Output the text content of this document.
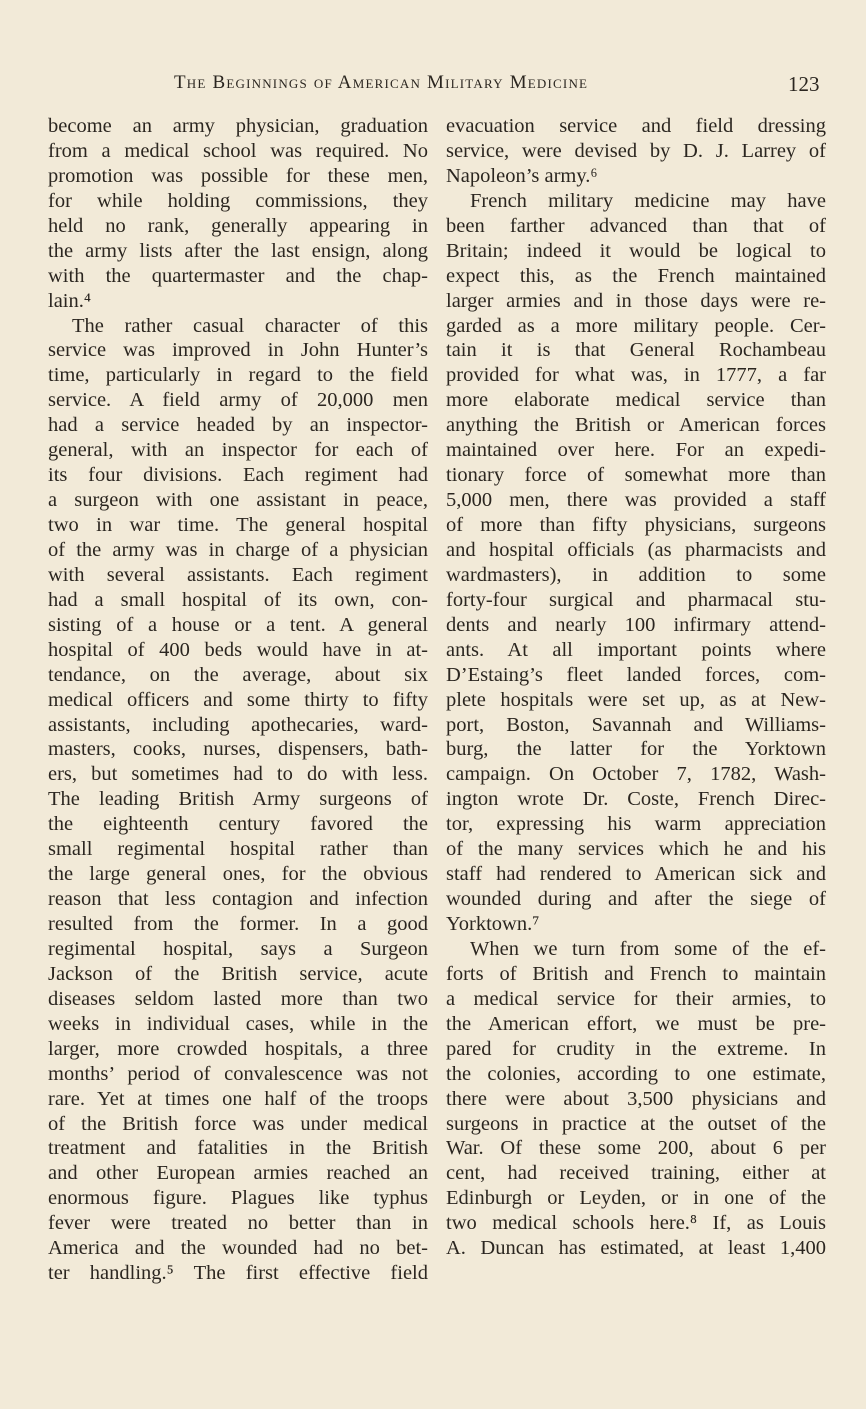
The Beginnings of American Military Medicine	123
become an army physician, graduation
from a medical school was required. No
promotion was possible for these men,
for while holding commissions, they
held no rank, generally appearing in
the army lists after the last ensign, along
with the quartermaster and the chap-
lain.⁴
The rather casual character of this
service was improved in John Hunter’s
time, particularly in regard to the field
service. A field army of 20,000 men
had a service headed by an inspector-
general, with an inspector for each of
its four divisions. Each regiment had
a surgeon with one assistant in peace,
two in war time. The general hospital
of the army was in charge of a physician
with several assistants. Each regiment
had a small hospital of its own, con-
sisting of a house or a tent. A general
hospital of 400 beds would have in at-
tendance, on the average, about six
medical officers and some thirty to fifty
assistants, including apothecaries, ward-
masters, cooks, nurses, dispensers, bath-
ers, but sometimes had to do with less.
The leading British Army surgeons of
the eighteenth century favored the
small regimental hospital rather than
the large general ones, for the obvious
reason that less contagion and infection
resulted from the former. In a good
regimental hospital, says a Surgeon
Jackson of the British service, acute
diseases seldom lasted more than two
weeks in individual cases, while in the
larger, more crowded hospitals, a three
months’ period of convalescence was not
rare. Yet at times one half of the troops
of the British force was under medical
treatment and fatalities in the British
and other European armies reached an
enormous figure. Plagues like typhus
fever were treated no better than in
America and the wounded had no bet-
ter handling.⁵ The first effective field
evacuation service and field dressing
service, were devised by D. J. Larrey of
Napoleon’s army.⁶
French military medicine may have
been farther advanced than that of
Britain; indeed it would be logical to
expect this, as the French maintained
larger armies and in those days were re-
garded as a more military people. Cer-
tain it is that General Rochambeau
provided for what was, in 1777, a far
more elaborate medical service than
anything the British or American forces
maintained over here. For an expedi-
tionary force of somewhat more than
5,000 men, there was provided a staff
of more than fifty physicians, surgeons
and hospital officials (as pharmacists and
wardmasters), in addition to some
forty-four surgical and pharmacal stu-
dents and nearly 100 infirmary attend-
ants. At all important points where
D’Estaing’s fleet landed forces, com-
plete hospitals were set up, as at New-
port, Boston, Savannah and Williams-
burg, the latter for the Yorktown
campaign. On October 7, 1782, Wash-
ington wrote Dr. Coste, French Direc-
tor, expressing his warm appreciation
of the many services which he and his
staff had rendered to American sick and
wounded during and after the siege of
Yorktown.⁷
When we turn from some of the ef-
forts of British and French to maintain
a medical service for their armies, to
the American effort, we must be pre-
pared for crudity in the extreme. In
the colonies, according to one estimate,
there were about 3,500 physicians and
surgeons in practice at the outset of the
War. Of these some 200, about 6 per
cent, had received training, either at
Edinburgh or Leyden, or in one of the
two medical schools here.⁸ If, as Louis
A. Duncan has estimated, at least 1,400
